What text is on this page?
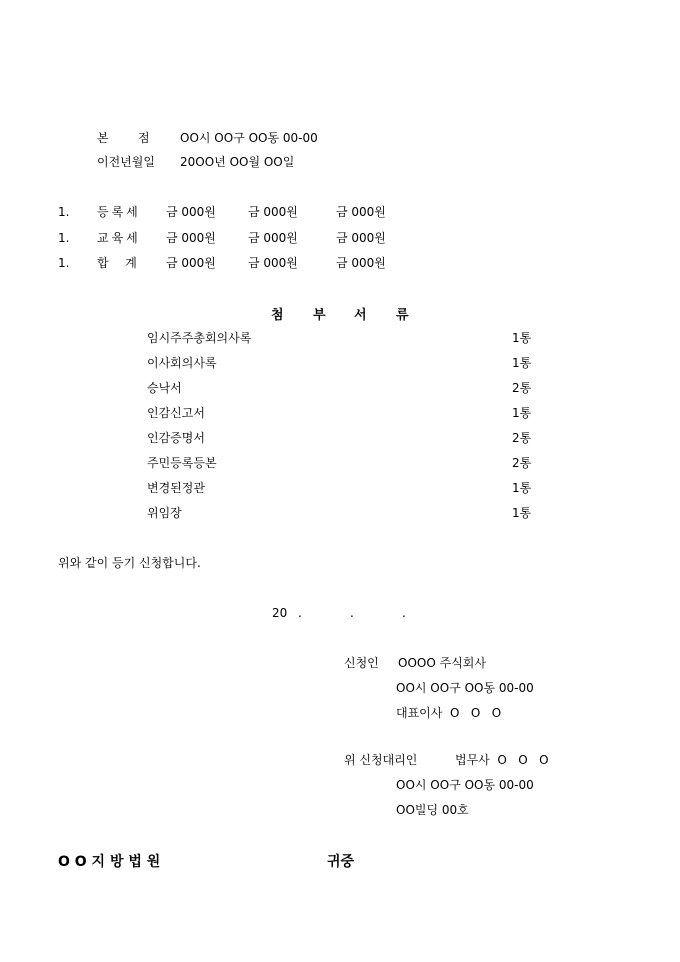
본 점	OO시 OO구 OO동 00-00
이전년월일 20OO년 OO월 OO일
1. 등록세 금 000원	금 000원	금 000원
1. 교육세 금 000원	금 000원	금 000원
1. 합  계 금 000원	금 000원	금 000원
첨 부 서 류
임시주주총회의사록	1통
이사회의사록	1통
승낙서	2통
인감신고서	1통
인감증명서	2통
주민등록등본	2통
변경된정관	1통
위임장	1통
위와 같이 등기 신청합니다.
20 .	.	.
신청인 OOOO 주식회사
OO시 OO구 OO동 00-00
대표이사  O   O   O
위 신청대리인	법무사  O   O   O
OO시 OO구 OO동 00-00
OO빌딩 00호
O O 지 방 법 원	귀중
